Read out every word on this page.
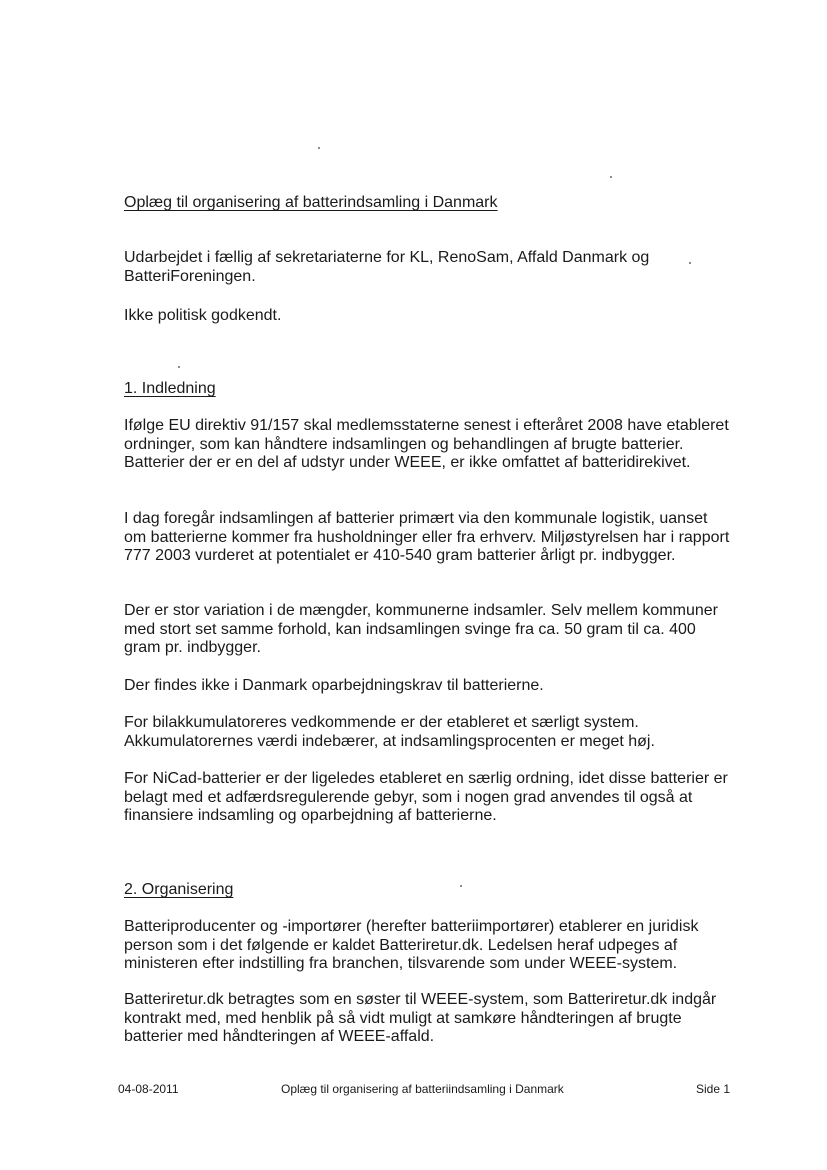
Oplæg til organisering af batterindsamling i Danmark

Udarbejdet i fællig af sekretariaterne for KL, RenoSam, Affald Danmark og BatteriForeningen.

Ikke politisk godkendt.

1. Indledning

Ifølge EU direktiv 91/157 skal medlemsstaterne senest i efteråret 2008 have etableret ordninger, som kan håndtere indsamlingen og behandlingen af brugte batterier. Batterier der er en del af udstyr under WEEE, er ikke omfattet af batteridirekivet.

I dag foregår indsamlingen af batterier primært via den kommunale logistik, uanset om batterierne kommer fra husholdninger eller fra erhverv. Miljøstyrelsen har i rapport 777 2003 vurderet at potentialet er 410-540 gram batterier årligt pr. indbygger.

Der er stor variation i de mængder, kommunerne indsamler. Selv mellem kommuner med stort set samme forhold, kan indsamlingen svinge fra ca. 50 gram til ca. 400 gram pr. indbygger.

Der findes ikke i Danmark oparbejdningskrav til batterierne.

For bilakkumulatoreres vedkommende er der etableret et særligt system. Akkumulatorernes værdi indebærer, at indsamlingsprocenten er meget høj.

For NiCad-batterier er der ligeledes etableret en særlig ordning, idet disse batterier er belagt med et adfærdsregulerende gebyr, som i nogen grad anvendes til også at finansiere indsamling og oparbejdning af batterierne.

2. Organisering

Batteriproducenter og -importører (herefter batteriimportører) etablerer en juridisk person som i det følgende er kaldet Batteriretur.dk. Ledelsen heraf udpeges af ministeren efter indstilling fra branchen, tilsvarende som under WEEE-system.

Batteriretur.dk betragtes som en søster til WEEE-system, som Batteriretur.dk indgår kontrakt med, med henblik på så vidt muligt at samkøre håndteringen af brugte batterier med håndteringen af WEEE-affald.

04-08-2011	Oplæg til organisering af batteriindsamling i Danmark	Side 1
